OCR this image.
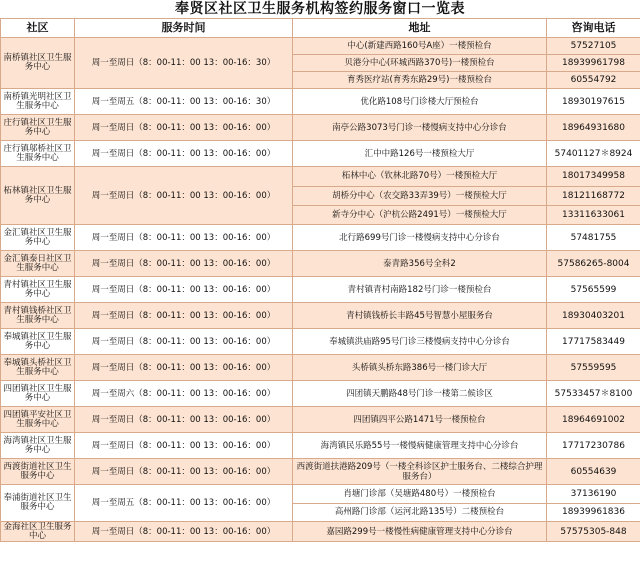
奉贤区社区卫生服务机构签约服务窗口一览表
社区	服务时间	地址	咨询电话
南桥镇社区卫生服务中心	周一至周日（8：00-11：00 13：00-16：30）	中心(新建西路160号A座）一楼预检台	57527105
		贝港分中心(环城西路370号)一楼预检台	18939961798
		育秀医疗站(育秀东路29号)一楼预检台	60554792
南桥镇光明社区卫生服务中心	周一至周五（8：00-11：00 13：00-16：30）	优化路108号门诊楼大厅预检台	18930197615
庄行镇社区卫生服务中心	周一至周日（8：00-11：00 13：00-16：00）	南亭公路3073号门诊一楼慢病支持中心分诊台	18964931680
庄行镇邬桥社区卫生服务中心	周一至周日（8：00-11：00 13：00-16：00）	汇中中路126号一楼预检大厅	57401127＊8924
柘林镇社区卫生服务中心	周一至周日（8：00-11：00 13：00-16：00）	柘林中心（钦林北路70号）一楼预检大厅	18017349958
		胡桥分中心（农交路33弄39号）一楼预检大厅	18121168772
		新寺分中心（沪杭公路2491号）一楼预检大厅	13311633061
金汇镇社区卫生服务中心	周一至周日（8：00-11：00 13：00-16：00）	北行路699号门诊一楼慢病支持中心分诊台	57481755
金汇镇泰日社区卫生服务中心	周一至周日（8：00-11：00 13：00-16：00）	泰青路356号全科2	57586265-8004
青村镇社区卫生服务中心	周一至周日（8：00-11：00 13：00-16：00）	青村镇青村南路182号门诊一楼预检台	57565599
青村镇钱桥社区卫生服务中心	周一至周日（8：00-11：00 13：00-16：00）	青村镇钱桥长丰路45号智慧小屋服务台	18930403201
奉城镇社区卫生服务中心	周一至周日（8：00-11：00 13：00-16：00）	奉城镇洪庙路95号门诊三楼慢病支持中心分诊台	17717583449
奉城镇头桥社区卫生服务中心	周一至周日（8：00-11：00 13：00-16：00）	头桥镇头桥东路386号一楼门诊大厅	57559595
四团镇社区卫生服务中心	周一至周六（8：00-11：00 13：00-16：00）	四团镇天鹏路48号门诊一楼第二候诊区	57533457＊8100
四团镇平安社区卫生服务中心	周一至周日（8：00-11：00 13：00-16：00）	四团镇四平公路1471号一楼预检台	18964691002
海湾镇社区卫生服务中心	周一至周日（8：00-11：00 13：00-16：00）	海湾镇民乐路55号一楼慢病健康管理支持中心分诊台	17717230786
西渡街道社区卫生服务中心	周一至周日（8：00-11：00 13：00-16：00）	西渡街道扶港路209号（一楼全科诊区护士服务台、二楼综合护理服务台）	60554639
奉浦街道社区卫生服务中心	周一至周五（8：00-11：00 13：00-16：00）	肖塘门诊部（吴塘路480号）一楼预检台	37136190
		高州路门诊部（运河北路135号）二楼预检台	18939961836
金海社区卫生服务中心	周一至周日（8：00-11：00 13：00-16：00）	嘉园路299号一楼慢性病健康管理支持中心分诊台	57575305-848
